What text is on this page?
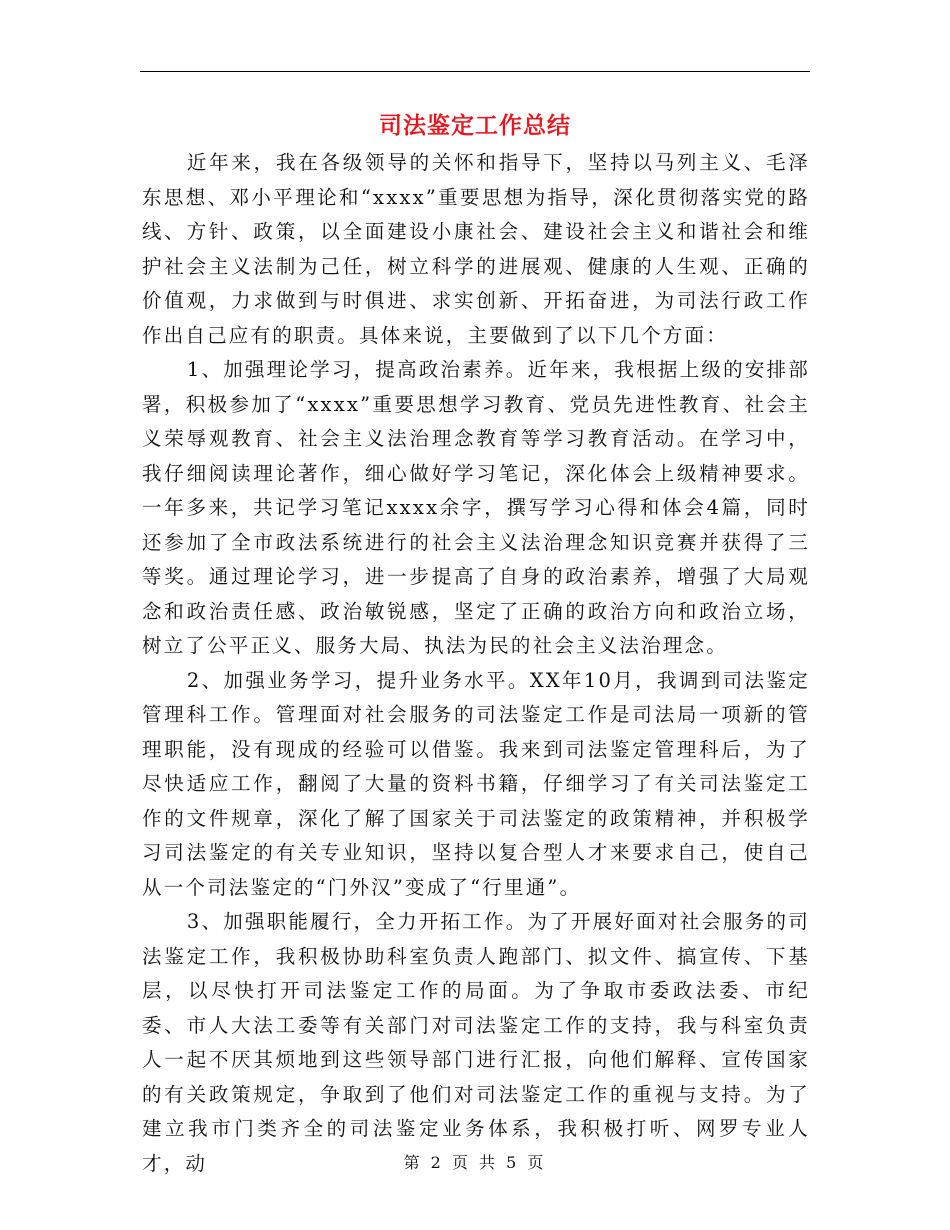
司法鉴定工作总结

近年来，我在各级领导的关怀和指导下，坚持以马列主义、毛泽东思想、邓小平理论和“xxxx”重要思想为指导，深化贯彻落实党的路线、方针、政策，以全面建设小康社会、建设社会主义和谐社会和维护社会主义法制为己任，树立科学的进展观、健康的人生观、正确的价值观，力求做到与时俱进、求实创新、开拓奋进，为司法行政工作作出自己应有的职责。具体来说，主要做到了以下几个方面：

1、加强理论学习，提高政治素养。近年来，我根据上级的安排部署，积极参加了“xxxx”重要思想学习教育、党员先进性教育、社会主义荣辱观教育、社会主义法治理念教育等学习教育活动。在学习中，我仔细阅读理论著作，细心做好学习笔记，深化体会上级精神要求。一年多来，共记学习笔记xxxx余字，撰写学习心得和体会4篇，同时还参加了全市政法系统进行的社会主义法治理念知识竞赛并获得了三等奖。通过理论学习，进一步提高了自身的政治素养，增强了大局观念和政治责任感、政治敏锐感，坚定了正确的政治方向和政治立场，树立了公平正义、服务大局、执法为民的社会主义法治理念。

2、加强业务学习，提升业务水平。XX年10月，我调到司法鉴定管理科工作。管理面对社会服务的司法鉴定工作是司法局一项新的管理职能，没有现成的经验可以借鉴。我来到司法鉴定管理科后，为了尽快适应工作，翻阅了大量的资料书籍，仔细学习了有关司法鉴定工作的文件规章，深化了解了国家关于司法鉴定的政策精神，并积极学习司法鉴定的有关专业知识，坚持以复合型人才来要求自己，使自己从一个司法鉴定的“门外汉”变成了“行里通”。

3、加强职能履行，全力开拓工作。为了开展好面对社会服务的司法鉴定工作，我积极协助科室负责人跑部门、拟文件、搞宣传、下基层，以尽快打开司法鉴定工作的局面。为了争取市委政法委、市纪委、市人大法工委等有关部门对司法鉴定工作的支持，我与科室负责人一起不厌其烦地到这些领导部门进行汇报，向他们解释、宣传国家的有关政策规定，争取到了他们对司法鉴定工作的重视与支持。为了建立我市门类齐全的司法鉴定业务体系，我积极打听、网罗专业人才，动	第 2 页 共 5 页
